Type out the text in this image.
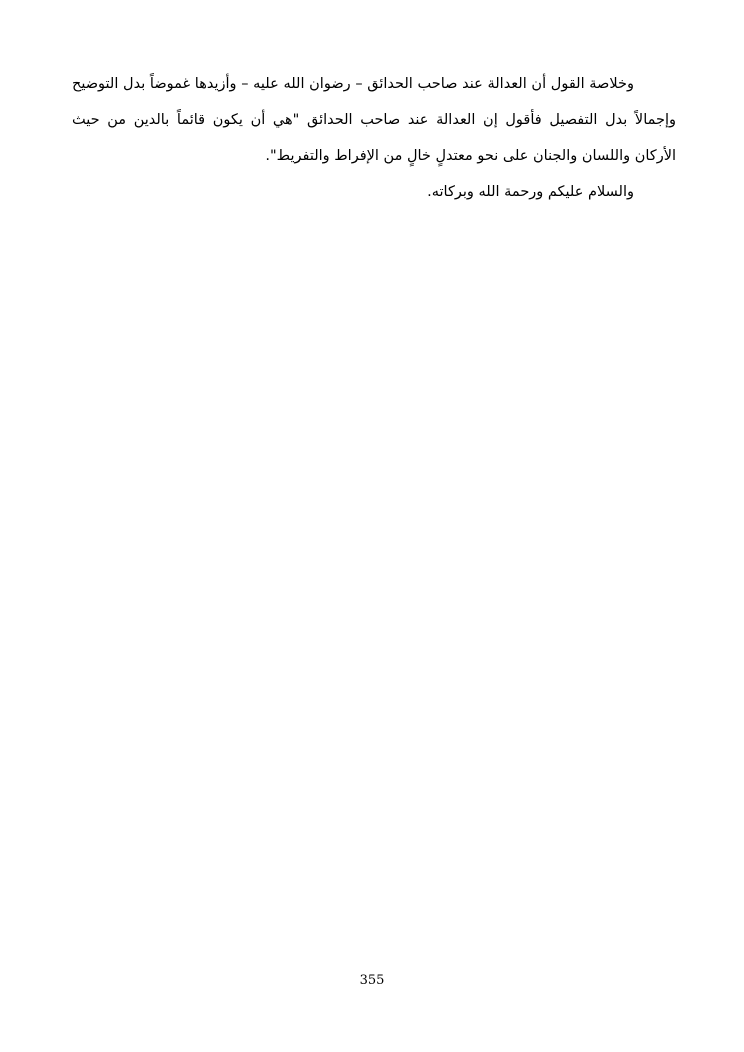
وخلاصة القول أن العدالة عند صاحب الحدائق – رضوان الله عليه – وأزيدها غموضاً بدل التوضيح وإجمالاً بدل التفصيل فأقول إن العدالة عند صاحب الحدائق "هي أن يكون قائماً بالدين من حيث الأركان واللسان والجنان على نحو معتدلٍ خالٍ من الإفراط والتفريط".

والسلام عليكم ورحمة الله وبركاته.

355
